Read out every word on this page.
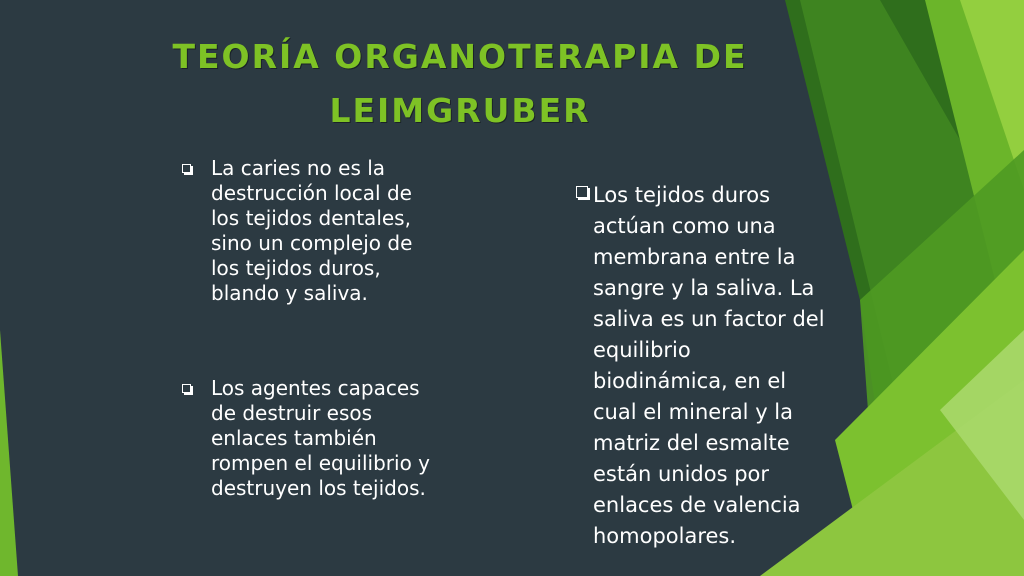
TEORÍA ORGANOTERAPIA DE
LEIMGRUBER
La caries no es la
destrucción local de
los tejidos dentales,
sino un complejo de
los tejidos duros,
blando y saliva.
Los agentes capaces
de destruir esos
enlaces también
rompen el equilibrio y
destruyen los tejidos.
Los tejidos duros
actúan como una
membrana entre la
sangre y la saliva. La
saliva es un factor del
equilibrio
biodinámica, en el
cual el mineral y la
matriz del esmalte
están unidos por
enlaces de valencia
homopolares.
